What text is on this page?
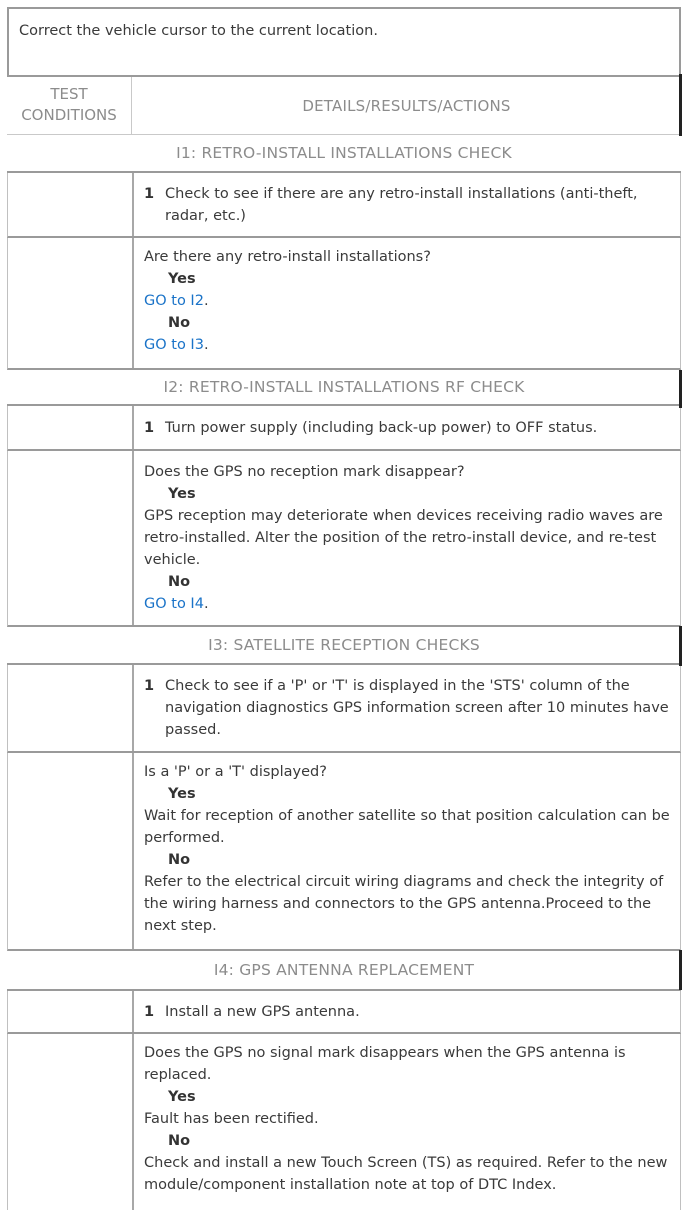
Correct the vehicle cursor to the current location.
TEST
CONDITIONS	DETAILS/RESULTS/ACTIONS
I1: RETRO-INSTALL INSTALLATIONS CHECK
1 Check to see if there are any retro-install installations (anti-theft, radar, etc.)
Are there any retro-install installations?
Yes
GO to I2.
No
GO to I3.
I2: RETRO-INSTALL INSTALLATIONS RF CHECK
1 Turn power supply (including back-up power) to OFF status.
Does the GPS no reception mark disappear?
Yes
GPS reception may deteriorate when devices receiving radio waves are retro-installed. Alter the position of the retro-install device, and re-test vehicle.
No
GO to I4.
I3: SATELLITE RECEPTION CHECKS
1 Check to see if a 'P' or 'T' is displayed in the 'STS' column of the navigation diagnostics GPS information screen after 10 minutes have passed.
Is a 'P' or a 'T' displayed?
Yes
Wait for reception of another satellite so that position calculation can be performed.
No
Refer to the electrical circuit wiring diagrams and check the integrity of the wiring harness and connectors to the GPS antenna.Proceed to the next step.
I4: GPS ANTENNA REPLACEMENT
1 Install a new GPS antenna.
Does the GPS no signal mark disappears when the GPS antenna is replaced.
Yes
Fault has been rectified.
No
Check and install a new Touch Screen (TS) as required. Refer to the new module/component installation note at top of DTC Index.
